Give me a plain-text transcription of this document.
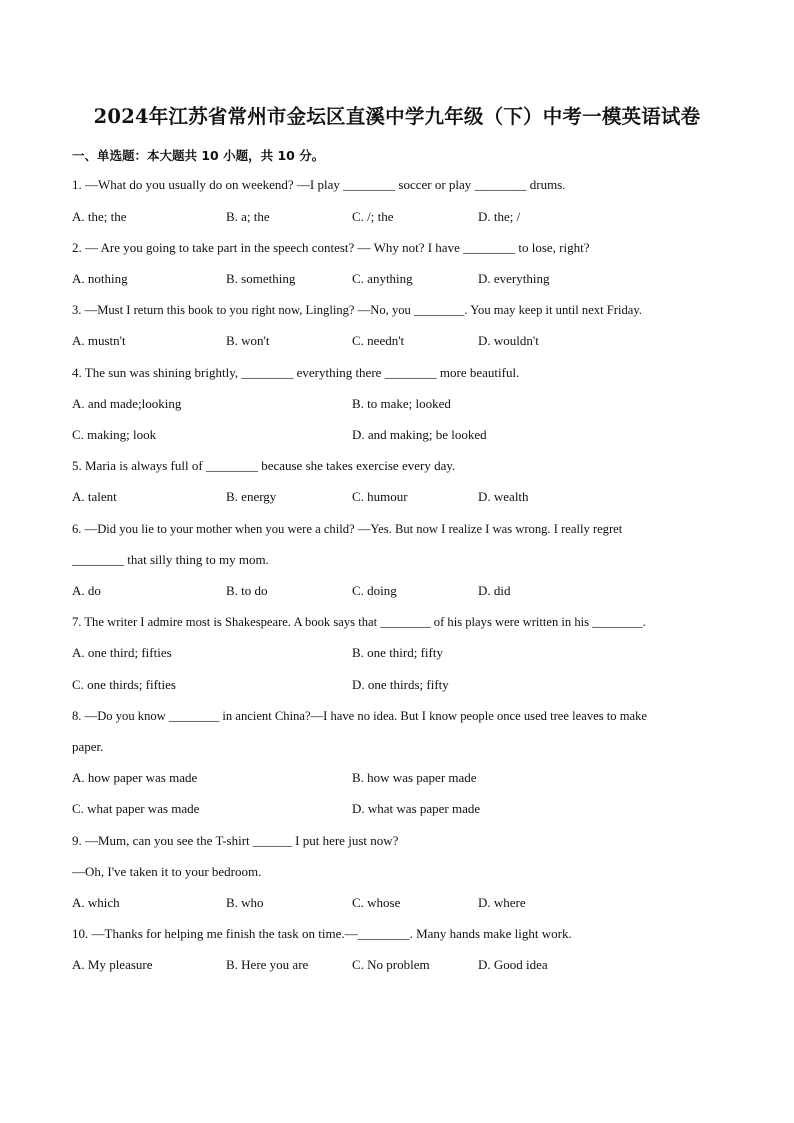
2024年江苏省常州市金坛区直溪中学九年级（下）中考一模英语试卷
一、单选题：本大题共 10 小题，共 10 分。
1. —What do you usually do on weekend? —I play ________ soccer or play ________ drums.
A. the; the	B. a; the	C. /; the	D. the; /
2. — Are you going to take part in the speech contest? — Why not? I have ________ to lose, right?
A. nothing	B. something	C. anything	D. everything
3. —Must I return this book to you right now, Lingling? —No, you ________. You may keep it until next Friday.
A. mustn't	B. won't	C. needn't	D. wouldn't
4. The sun was shining brightly, ________ everything there ________ more beautiful.
A. and made;looking	B. to make; looked
C. making; look	D. and making; be looked
5. Maria is always full of ________ because she takes exercise every day.
A. talent	B. energy	C. humour	D. wealth
6. —Did you lie to your mother when you were a child? —Yes. But now I realize I was wrong. I really regret
________ that silly thing to my mom.
A. do	B. to do	C. doing	D. did
7. The writer I admire most is Shakespeare. A book says that ________ of his plays were written in his ________.
A. one third; fifties	B. one third; fifty
C. one thirds; fifties	D. one thirds; fifty
8. —Do you know ________ in ancient China?—I have no idea. But I know people once used tree leaves to make
paper.
A. how paper was made	B. how was paper made
C. what paper was made	D. what was paper made
9. —Mum, can you see the T-shirt ______ I put here just now?
—Oh, I've taken it to your bedroom.
A. which	B. who	C. whose	D. where
10. —Thanks for helping me finish the task on time.—________. Many hands make light work.
A. My pleasure	B. Here you are	C. No problem	D. Good idea
